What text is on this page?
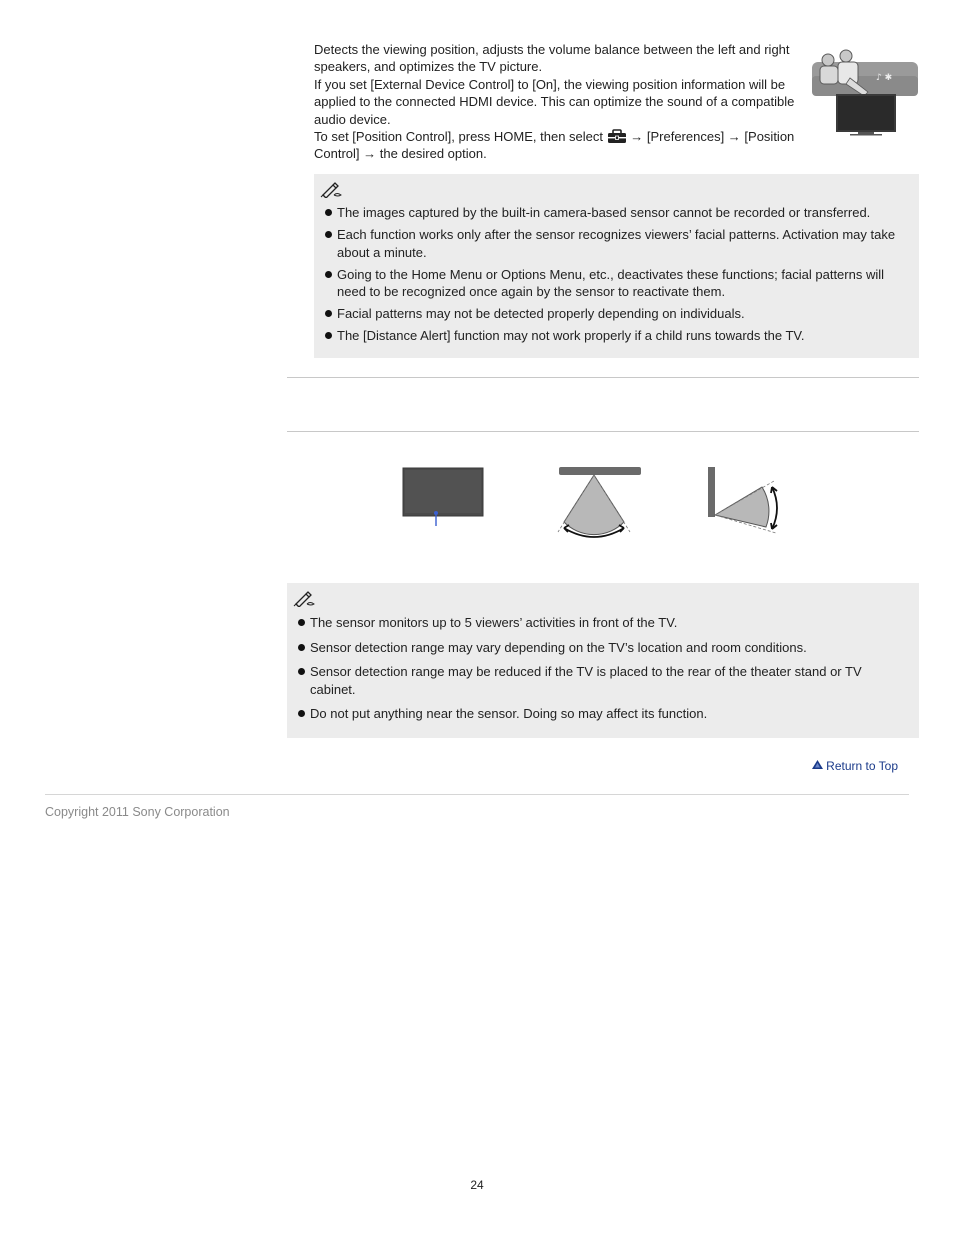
Detects the viewing position, adjusts the volume balance between the left and right speakers, and optimizes the TV picture.

If you set [External Device Control] to [On], the viewing position information will be applied to the connected HDMI device. This can optimize the sound of a compatible audio device.

To set [Position Control], press HOME, then select → [Preferences] → [Position Control] → the desired option.

♪ ✱
The images captured by the built-in camera-based sensor cannot be recorded or transferred.
Each function works only after the sensor recognizes viewers’ facial patterns. Activation may take about a minute.
Going to the Home Menu or Options Menu, etc., deactivates these functions; facial patterns will need to be recognized once again by the sensor to reactivate them.
Facial patterns may not be detected properly depending on individuals.
The [Distance Alert] function may not work properly if a child runs towards the TV.
The sensor monitors up to 5 viewers’ activities in front of the TV.
Sensor detection range may vary depending on the TV’s location and room conditions.
Sensor detection range may be reduced if the TV is placed to the rear of the theater stand or TV cabinet.
Do not put anything near the sensor. Doing so may affect its function.
Return to Top
Copyright 2011 Sony Corporation
24
